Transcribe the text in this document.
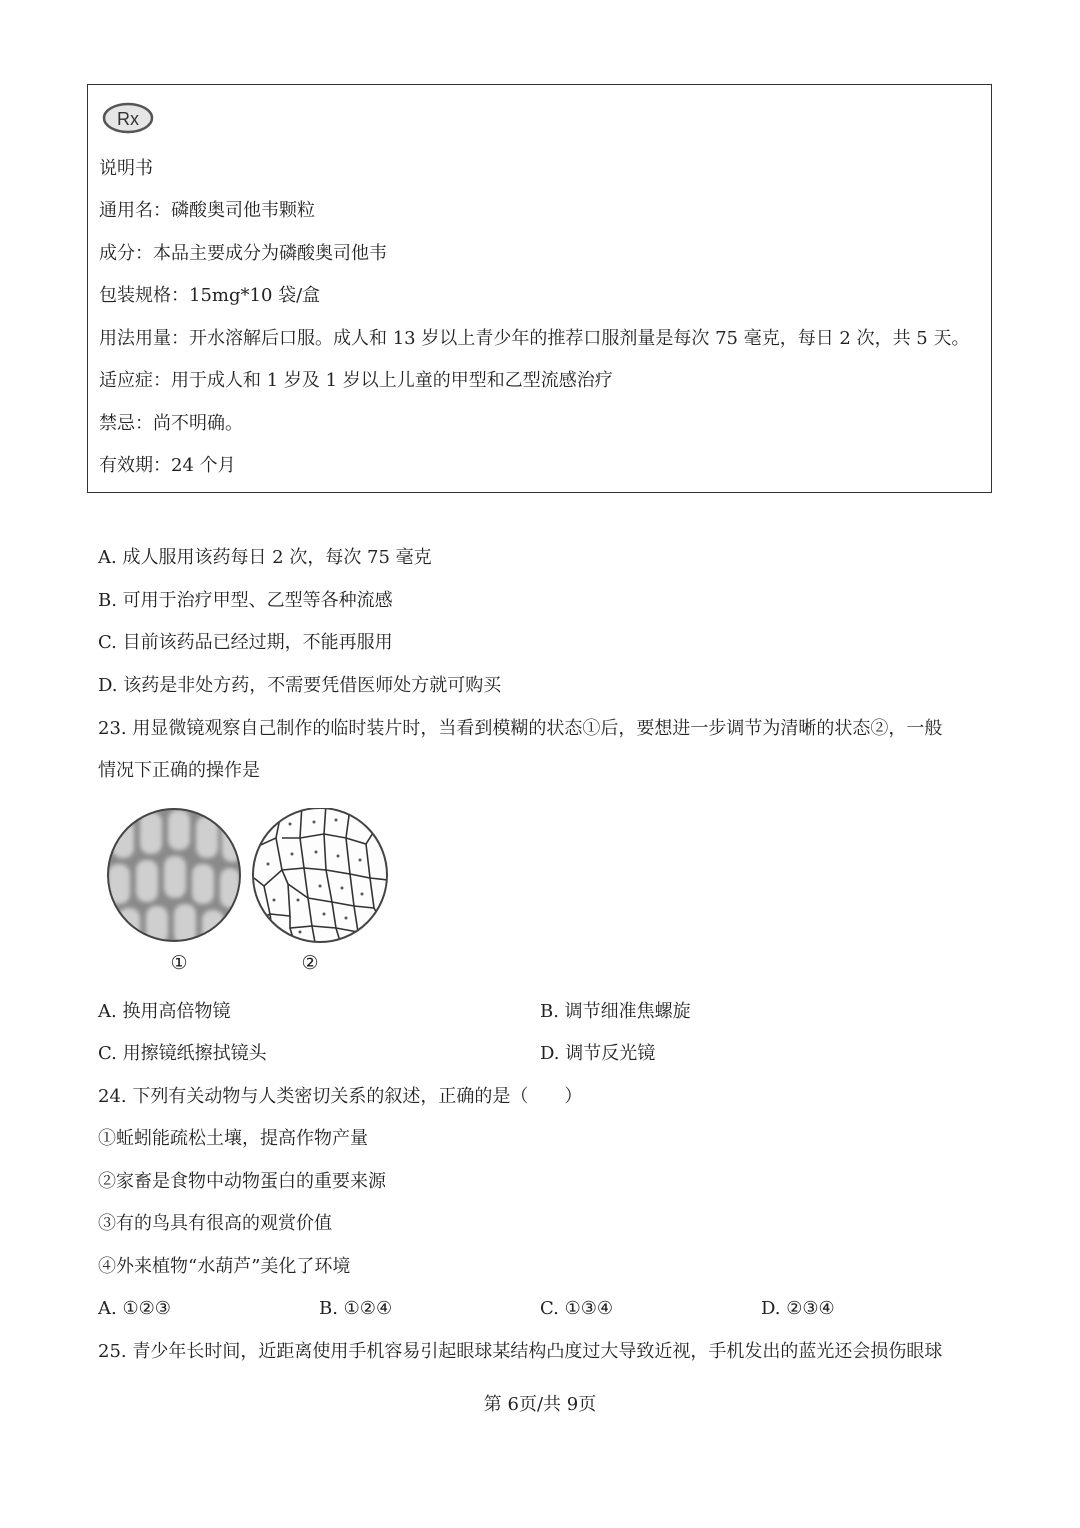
Rx
说明书
通用名：磷酸奥司他韦颗粒
成分：本品主要成分为磷酸奥司他韦
包装规格：15mg*10 袋/盒
用法用量：开水溶解后口服。成人和 13 岁以上青少年的推荐口服剂量是每次 75 毫克，每日 2 次，共 5 天。
适应症：用于成人和 1 岁及 1 岁以上儿童的甲型和乙型流感治疗
禁忌：尚不明确。
有效期：24 个月
A. 成人服用该药每日 2 次，每次 75 毫克
B. 可用于治疗甲型、乙型等各种流感
C. 目前该药品已经过期，不能再服用
D. 该药是非处方药，不需要凭借医师处方就可购买
23. 用显微镜观察自己制作的临时装片时，当看到模糊的状态①后，要想进一步调节为清晰的状态②，一般
情况下正确的操作是
①	②
A. 换用高倍物镜	B. 调节细准焦螺旋
C. 用擦镜纸擦拭镜头	D. 调节反光镜
24. 下列有关动物与人类密切关系的叙述，正确的是（　　）
①蚯蚓能疏松土壤，提高作物产量
②家畜是食物中动物蛋白的重要来源
③有的鸟具有很高的观赏价值
④外来植物“水葫芦”美化了环境
A. ①②③	B. ①②④	C. ①③④	D. ②③④
25. 青少年长时间，近距离使用手机容易引起眼球某结构凸度过大导致近视，手机发出的蓝光还会损伤眼球
第 6页/共 9页
